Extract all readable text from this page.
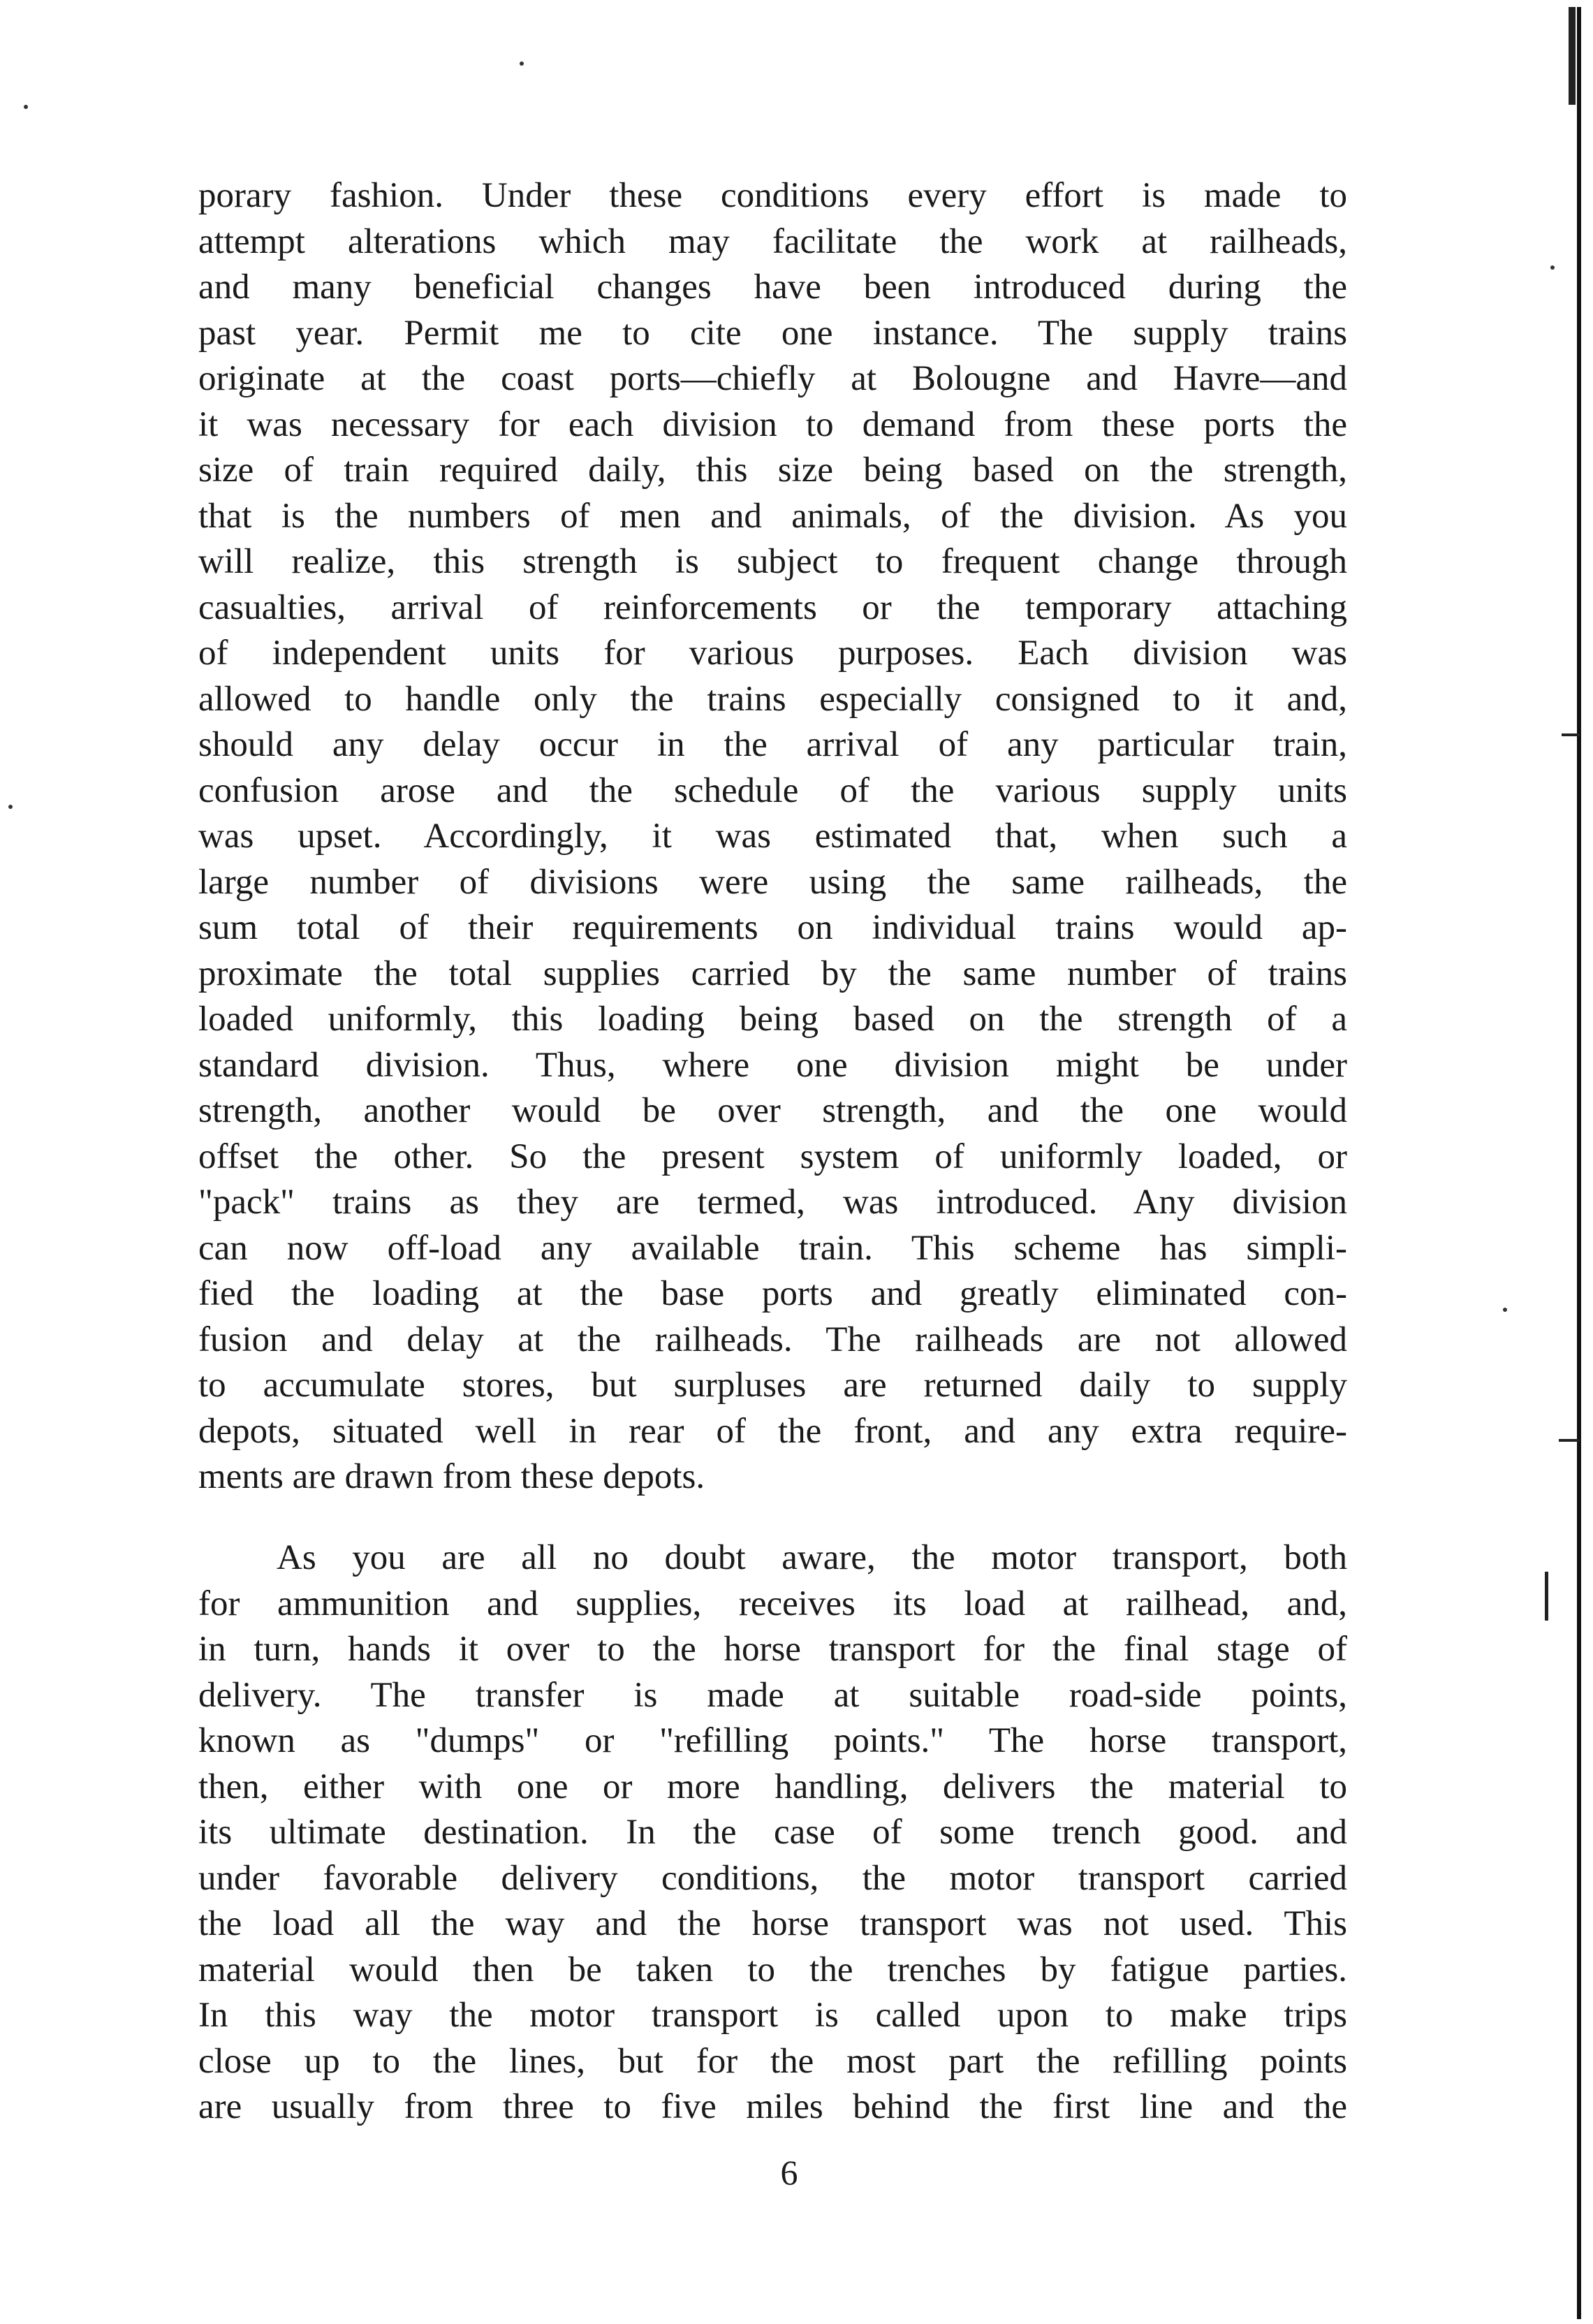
porary fashion. Under these conditions every effort is made to
attempt alterations which may facilitate the work at railheads,
and many beneficial changes have been introduced during the
past year. Permit me to cite one instance. The supply trains
originate at the coast ports—chiefly at Bolougne and Havre—and
it was necessary for each division to demand from these ports the
size of train required daily, this size being based on the strength,
that is the numbers of men and animals, of the division. As you
will realize, this strength is subject to frequent change through
casualties, arrival of reinforcements or the temporary attaching
of independent units for various purposes. Each division was
allowed to handle only the trains especially consigned to it and,
should any delay occur in the arrival of any particular train,
confusion arose and the schedule of the various supply units
was upset. Accordingly, it was estimated that, when such a
large number of divisions were using the same railheads, the
sum total of their requirements on individual trains would ap-
proximate the total supplies carried by the same number of trains
loaded uniformly, this loading being based on the strength of a
standard division. Thus, where one division might be under
strength, another would be over strength, and the one would
offset the other. So the present system of uniformly loaded, or
"pack" trains as they are termed, was introduced. Any division
can now off-load any available train. This scheme has simpli-
fied the loading at the base ports and greatly eliminated con-
fusion and delay at the railheads. The railheads are not allowed
to accumulate stores, but surpluses are returned daily to supply
depots, situated well in rear of the front, and any extra require-
ments are drawn from these depots.
As you are all no doubt aware, the motor transport, both
for ammunition and supplies, receives its load at railhead, and,
in turn, hands it over to the horse transport for the final stage of
delivery. The transfer is made at suitable road-side points,
known as "dumps" or "refilling points." The horse transport,
then, either with one or more handling, delivers the material to
its ultimate destination. In the case of some trench good. and
under favorable delivery conditions, the motor transport carried
the load all the way and the horse transport was not used. This
material would then be taken to the trenches by fatigue parties.
In this way the motor transport is called upon to make trips
close up to the lines, but for the most part the refilling points
are usually from three to five miles behind the first line and the
6
